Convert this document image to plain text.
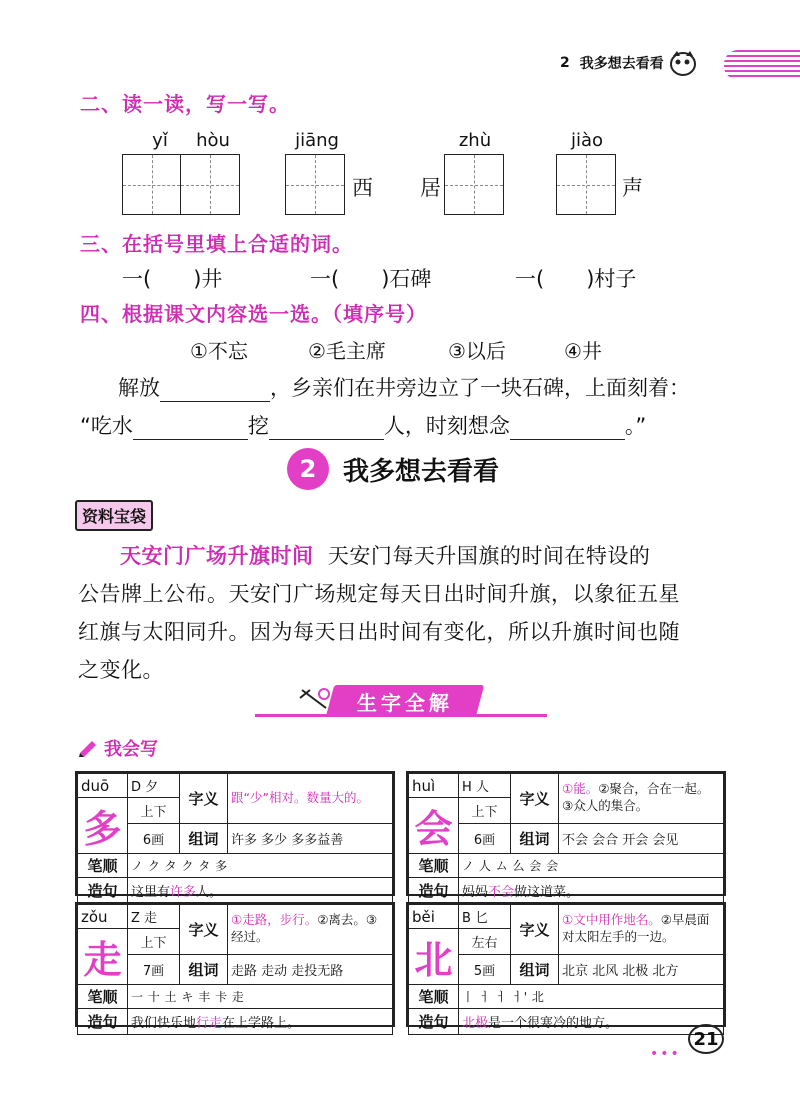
2 我多想去看看
二、读一读，写一写。
yǐ	hòu	jiāng
西 居
zhù	jiào
声
三、在括号里填上合适的词。
一(　　)井	一(　　)石碑	一(　　)村子
四、根据课文内容选一选。（填序号）
①不忘	②毛主席	③以后	④井
解放	，乡亲们在井旁边立了一块石碑，上面刻着：
“吃水	挖	人，时刻想念	。”
2	我多想去看看
资料宝袋
天安门广场升旗时间 天安门每天升国旗的时间在特设的
公告牌上公布。天安门广场规定每天日出时间升旗，以象征五星
红旗与太阳同升。因为每天日出时间有变化，所以升旗时间也随
之变化。
生字全解
我会写
duō	D 夕	字义	跟“少”相对。数量大的。
多	上下		
	6画	组词	许多 多少 多多益善
笔顺	ノ ク タ ク タ 多		
造句	这里有许多人。		
huì	H 人	字义	①能。②聚合，合在一起。③众人的集合。
会	上下		
	6画	组词	不会 会合 开会 会见
笔顺	ノ 人 ム 么 会 会		
造句	妈妈不会做这道菜。		
zǒu	Z 走	字义	①走路，步行。②离去。③经过。
走	上下		
	7画	组词	走路 走动 走投无路
笔顺	一 十 土 キ 丰 卡 走		
造句	我们快乐地行走在上学路上。		
běi	B 匕	字义	①文中用作地名。②早晨面对太阳左手的一边。
北	左右		
	5画	组词	北京 北风 北极 北方
笔顺	丨 ㅓ ㅓ ㅓ' 北		
造句	北极是一个很寒冷的地方。		
•••
21
